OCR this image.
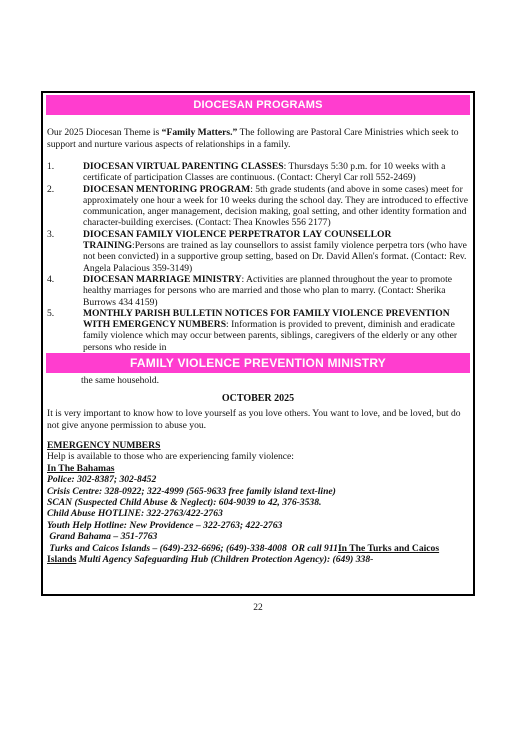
DIOCESAN PROGRAMS
Our 2025 Diocesan Theme is “Family Matters.” The following are Pastoral Care Ministries which seek to support and nurture various aspects of relationships in a family.
1.	DIOCESAN VIRTUAL PARENTING CLASSES: Thursdays 5:30 p.m. for 10 weeks with a certificate of participation Classes are continuous. (Contact: Cheryl Car roll 552-2469)
2.	DIOCESAN MENTORING PROGRAM: 5th grade students (and above in some cases) meet for approximately one hour a week for 10 weeks during the school day. They are introduced to effective communication, anger management, decision making, goal setting, and other identity formation and character-building exercises. (Contact: Thea Knowles 556 2177)
3.	DIOCESAN FAMILY VIOLENCE PERPETRATOR LAY COUNSELLOR TRAINING:Persons are trained as lay counsellors to assist family violence perpetra tors (who have not been convicted) in a supportive group setting, based on Dr. David Allen's format. (Contact: Rev. Angela Palacious 359-3149)
4.	DIOCESAN MARRIAGE MINISTRY: Activities are planned throughout the year to promote healthy marriages for persons who are married and those who plan to marry. (Contact: Sherika Burrows 434 4159)
5.	MONTHLY PARISH BULLETIN NOTICES FOR FAMILY VIOLENCE PREVENTION WITH EMERGENCY NUMBERS: Information is provided to prevent, diminish and eradicate family violence which may occur between parents, siblings, caregivers of the elderly or any other persons who reside in
FAMILY VIOLENCE PREVENTION MINISTRY
the same household.
OCTOBER 2025
It is very important to know how to love yourself as you love others. You want to love, and be loved, but do not give anyone permission to abuse you.
EMERGENCY NUMBERS
Help is available to those who are experiencing family violence:
In The Bahamas
Police: 302-8387; 302-8452
Crisis Centre: 328-0922; 322-4999 (565-9633 free family island text-line)
SCAN (Suspected Child Abuse & Neglect): 604-9039 to 42, 376-3538.
Child Abuse HOTLINE: 322-2763/422-2763
Youth Help Hotline: New Providence – 322-2763; 422-2763
Grand Bahama – 351-7763
Turks and Caicos Islands – (649)-232-6696; (649)-338-4008  OR call 911In The Turks and Caicos Islands Multi Agency Safeguarding Hub (Children Protection Agency): (649) 338-
22
